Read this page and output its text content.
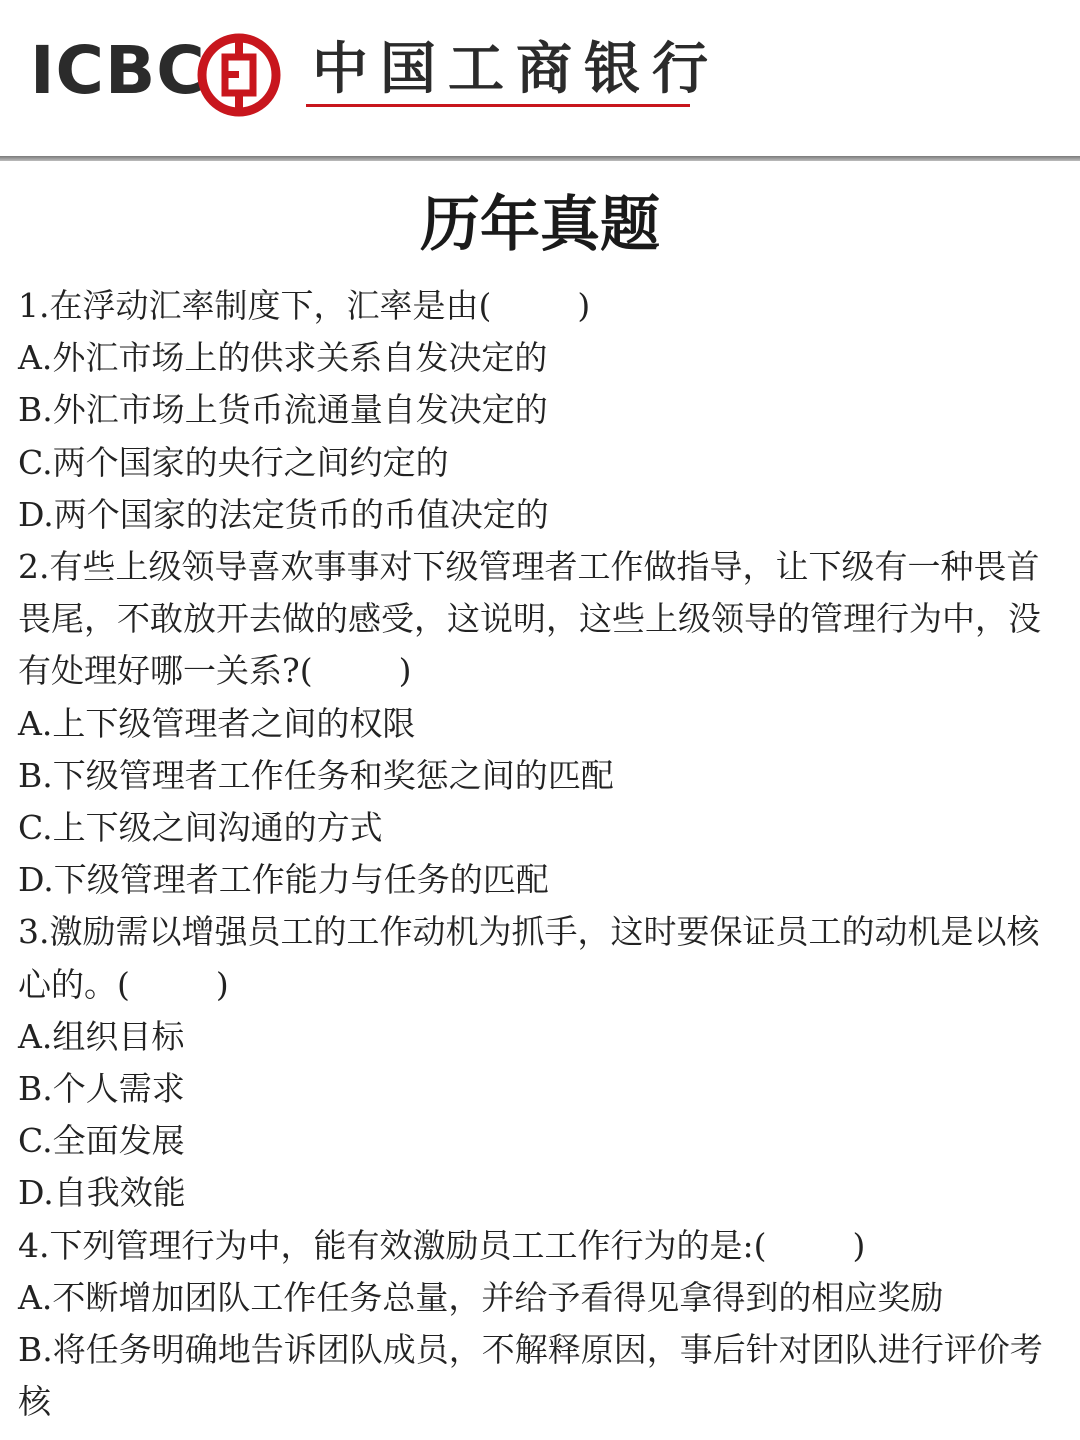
ICBC 中国工商银行
历年真题

1.在浮动汇率制度下，汇率是由(	)

A.外汇市场上的供求关系自发决定的

B.外汇市场上货币流通量自发决定的

C.两个国家的央行之间约定的

D.两个国家的法定货币的币值决定的

2.有些上级领导喜欢事事对下级管理者工作做指导，让下级有一种畏首畏尾，不敢放开去做的感受，这说明，这些上级领导的管理行为中，没有处理好哪一关系?(	)

A.上下级管理者之间的权限

B.下级管理者工作任务和奖惩之间的匹配

C.上下级之间沟通的方式

D.下级管理者工作能力与任务的匹配

3.激励需以增强员工的工作动机为抓手，这时要保证员工的动机是以核心的。(	)

A.组织目标

B.个人需求

C.全面发展

D.自我效能

4.下列管理行为中，能有效激励员工工作行为的是:(	)

A.不断增加团队工作任务总量，并给予看得见拿得到的相应奖励

B.将任务明确地告诉团队成员，不解释原因，事后针对团队进行评价考核
